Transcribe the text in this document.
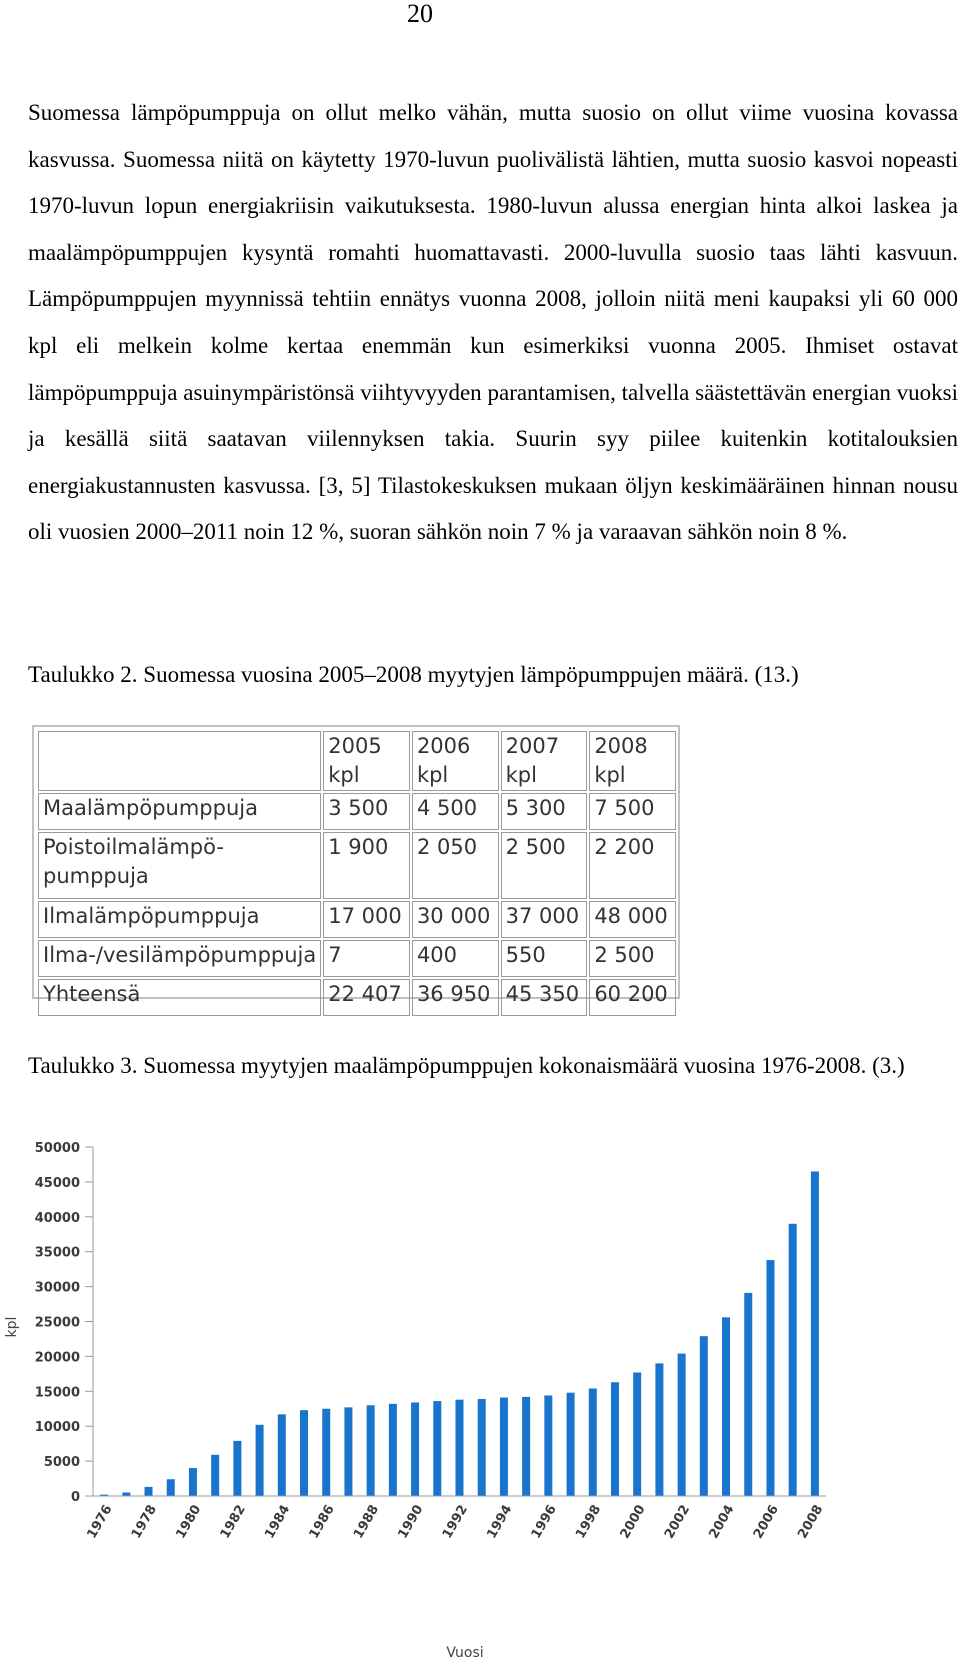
20

Suomessa lämpöpumppuja on ollut melko vähän, mutta suosio on ollut viime vuosina kovassa kasvussa. Suomessa niitä on käytetty 1970-luvun puolivälistä lähtien, mutta suosio kasvoi nopeasti 1970-luvun lopun energiakriisin vaikutuksesta. 1980-luvun alussa energian hinta alkoi laskea ja maalämpöpumppujen kysyntä romahti huomattavasti. 2000-luvulla suosio taas lähti kasvuun. Lämpöpumppujen myynnissä tehtiin ennätys vuonna 2008, jolloin niitä meni kaupaksi yli 60 000 kpl eli melkein kolme kertaa enemmän kun esimerkiksi vuonna 2005. Ihmiset ostavat lämpöpumppuja asuinympäristönsä viihtyvyyden parantamisen, talvella säästettävän energian vuoksi ja kesällä siitä saatavan viilennyksen takia. Suurin syy piilee kuitenkin kotitalouksien energiakustannusten kasvussa. [3, 5] Tilastokeskuksen mukaan öljyn keskimääräinen hinnan nousu oli vuosien 2000–2011 noin 12 %, suoran sähkön noin 7 % ja varaavan sähkön noin 8 %.

Taulukko 2. Suomessa vuosina 2005–2008 myytyjen lämpöpumppujen määrä. (13.)

	2005 kpl	2006 kpl	2007 kpl	2008 kpl
Maalämpöpumppuja	3 500	4 500	5 300	7 500
Poistoilmalämpö-
pumppuja	1 900	2 050	2 500	2 200
Ilmalämpöpumppuja	17 000	30 000	37 000	48 000
Ilma-/vesilämpöpumppuja	7	400	550	2 500
Yhteensä	22 407	36 950	45 350	60 200

Taulukko 3. Suomessa myytyjen maalämpöpumppujen kokonaismäärä vuosina 1976-2008. (3.)

0
5000
10000
15000
20000
25000
30000
35000
40000
45000
50000
1976 1978 1980 1982 1984 1986 1988 1990 1992 1994 1996 1998 2000 2002 2004 2006 2008
kpl
Vuosi
